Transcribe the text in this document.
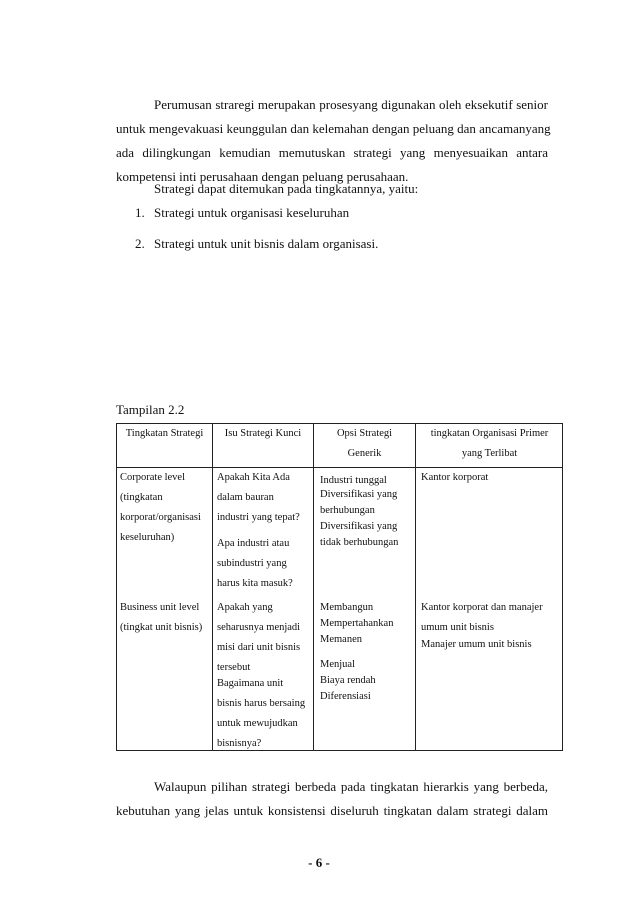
Perumusan straregi merupakan prosesyang digunakan oleh eksekutif senior
untuk mengevakuasi keunggulan dan kelemahan dengan peluang dan ancamanyang
ada dilingkungan kemudian memutuskan strategi yang menyesuaikan antara
kompetensi inti perusahaan dengan peluang perusahaan.
Strategi dapat ditemukan pada tingkatannya, yaitu:
1. Strategi untuk organisasi keseluruhan
2. Strategi untuk unit bisnis dalam organisasi.
Tampilan 2.2
Tingkatan Strategi	Isu Strategi Kunci	Opsi Strategi
Generik
tingkatan Organisasi Primer
yang Terlibat
Corporate level
(tingkatan
korporat/organisasi
keseluruhan)
Apakah Kita Ada
dalam bauran
industri yang tepat?
Apa industri atau
subindustri yang
harus kita masuk?
Industri tunggal
Diversifikasi yang
berhubungan
Diversifikasi yang
tidak berhubungan
Kantor korporat
Business unit level
(tingkat unit bisnis)
Apakah yang
seharusnya menjadi
misi dari unit bisnis
tersebut
Bagaimana unit
bisnis harus bersaing
untuk mewujudkan
bisnisnya?
Membangun
Mempertahankan
Memanen
Menjual
Biaya rendah
Diferensiasi
Kantor korporat dan manajer
umum unit bisnis
Manajer umum unit bisnis
Walaupun pilihan strategi berbeda pada tingkatan hierarkis yang berbeda,
kebutuhan yang jelas untuk konsistensi diseluruh tingkatan dalam strategi dalam
- 6 -
